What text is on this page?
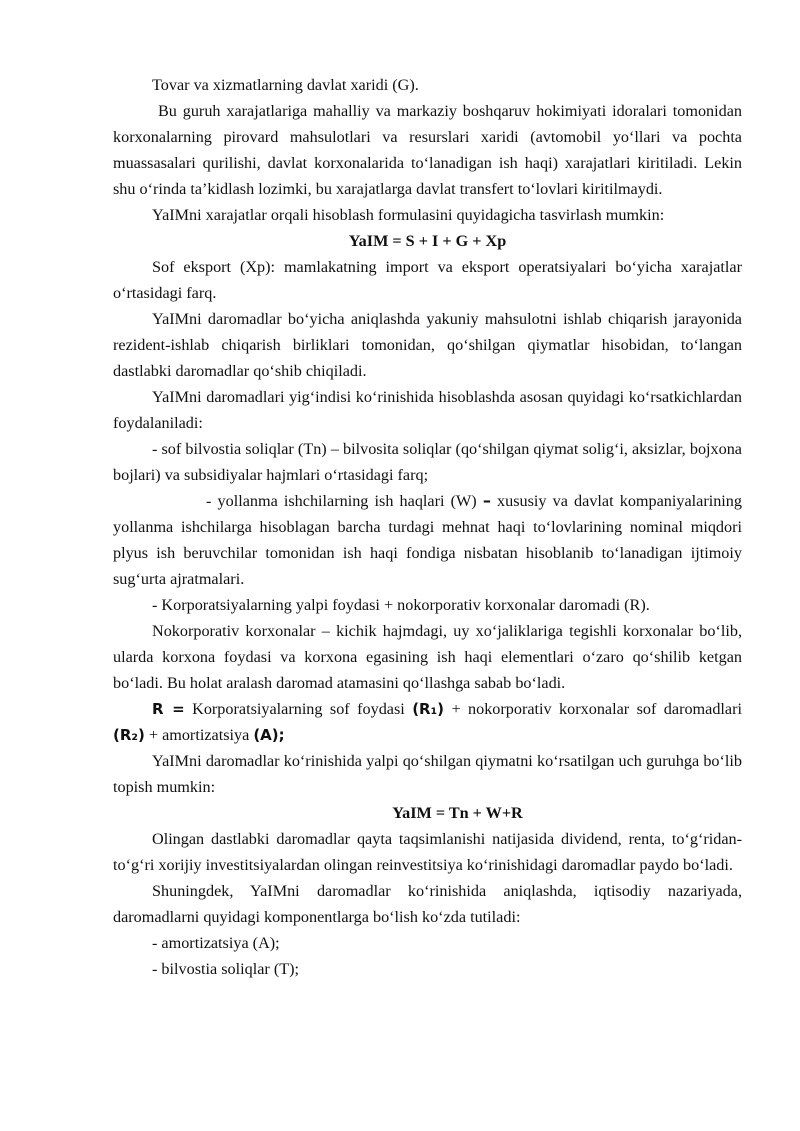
Tovar va xizmatlarning davlat xaridi (G).

Bu guruh xarajatlariga mahalliy va markaziy boshqaruv hokimiyati idoralari tomonidan korxonalarning pirovard mahsulotlari va resurslari xaridi (avtomobil yo‘llari va pochta muassasalari qurilishi, davlat korxonalarida to‘lanadigan ish haqi) xarajatlari kiritiladi. Lekin shu o‘rinda ta’kidlash lozimki, bu xarajatlarga davlat transfert to‘lovlari kiritilmaydi.

YaIMni xarajatlar orqali hisoblash formulasini quyidagicha tasvirlash mumkin:

YaIM = S + I + G + Xp

Sof eksport (Xp): mamlakatning import va eksport operatsiyalari bo‘yicha xarajatlar o‘rtasidagi farq.

YaIMni daromadlar bo‘yicha aniqlashda yakuniy mahsulotni ishlab chiqarish jarayonida rezident-ishlab chiqarish birliklari tomonidan, qo‘shilgan qiymatlar hisobidan, to‘langan dastlabki daromadlar qo‘shib chiqiladi.

YaIMni daromadlari yig‘indisi ko‘rinishida hisoblashda asosan quyidagi ko‘rsatkichlardan foydalaniladi:

- sof bilvostia soliqlar (Tn) – bilvosita soliqlar (qo‘shilgan qiymat solig‘i, aksizlar, bojxona bojlari) va subsidiyalar hajmlari o‘rtasidagi farq;

- yollanma ishchilarning ish haqlari (W) – xususiy va davlat kompaniyalarining yollanma ishchilarga hisoblagan barcha turdagi mehnat haqi to‘lovlarining nominal miqdori plyus ish beruvchilar tomonidan ish haqi fondiga nisbatan hisoblanib to‘lanadigan ijtimoiy sug‘urta ajratmalari.

- Korporatsiyalarning yalpi foydasi + nokorporativ korxonalar daromadi (R).

Nokorporativ korxonalar – kichik hajmdagi, uy xo‘jaliklariga tegishli korxonalar bo‘lib, ularda korxona foydasi va korxona egasining ish haqi elementlari o‘zaro qo‘shilib ketgan bo‘ladi. Bu holat aralash daromad atamasini qo‘llashga sabab bo‘ladi.

R = Korporatsiyalarning sof foydasi (R₁) + nokorporativ korxonalar sof daromadlari (R₂) + amortizatsiya (A);

YaIMni daromadlar ko‘rinishida yalpi qo‘shilgan qiymatni ko‘rsatilgan uch guruhga bo‘lib topish mumkin:

YaIM = Tn + W+R

Olingan dastlabki daromadlar qayta taqsimlanishi natijasida dividend, renta, to‘g‘ridan-to‘g‘ri xorijiy investitsiyalardan olingan reinvestitsiya ko‘rinishidagi daromadlar paydo bo‘ladi.

Shuningdek, YaIMni daromadlar ko‘rinishida aniqlashda, iqtisodiy nazariyada, daromadlarni quyidagi komponentlarga bo‘lish ko‘zda tutiladi:

- amortizatsiya (A);

- bilvostia soliqlar (T);
